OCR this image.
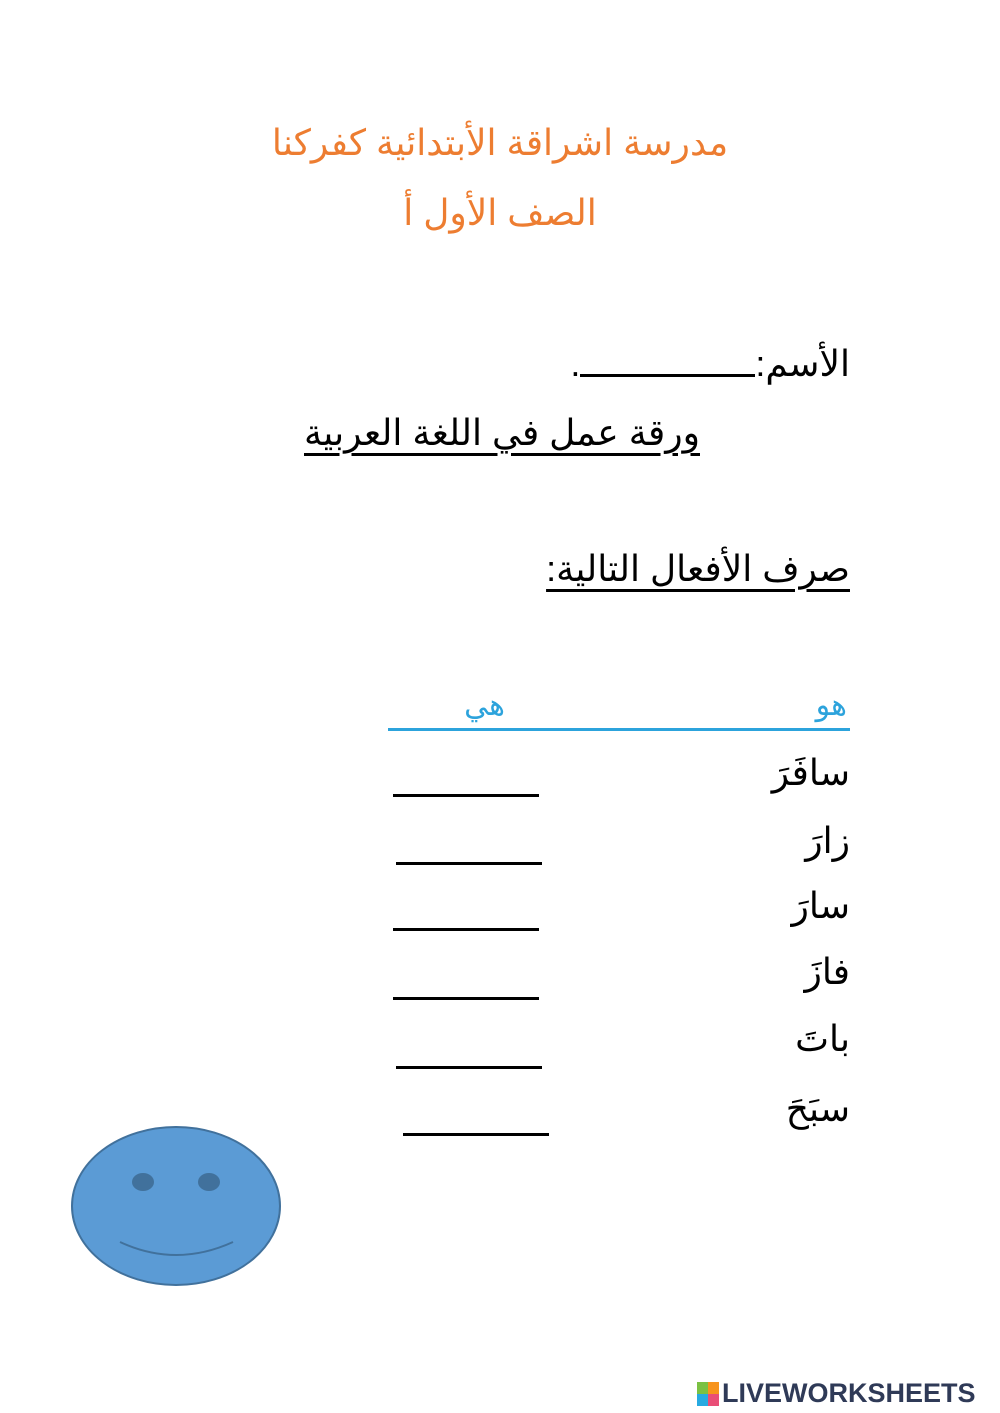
مدرسة اشراقة الأبتدائية كفركنا
الصف الأول أ
الأسم:.
ورقة عمل في اللغة العربية
صرف الأفعال التالية:
هو
هي
سافَرَ
زارَ
سارَ
فازَ
باتَ
سبَحَ
LIVEWORKSHEETS
